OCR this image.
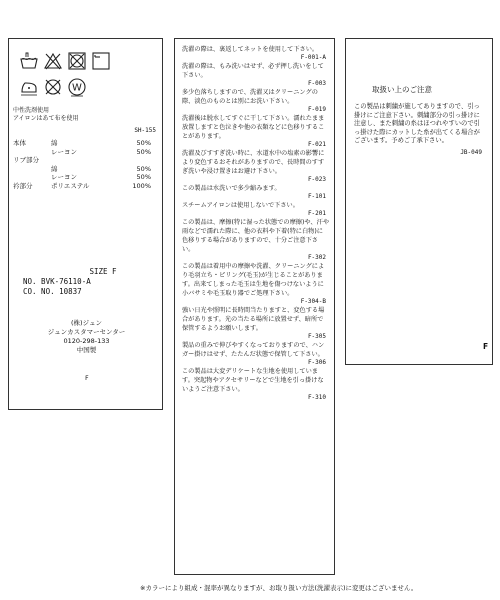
W
中性洗剤使用
アイロンはあて布を使用
SH-155
本体	綿	50%
レーヨン	50%
リブ部分
綿	50%
レーヨン	50%
衿部分	ポリエステル	100%
SIZE F
NO. BVK-76110-A
CO. NO. 10837
(株)ジュン
ジュンカスタマーセンター
0120-298-133
中国製
F

洗濯の際は、裏返してネットを使用して下さい。

F-001-A

洗濯の際は、もみ洗いはせず、必ず押し洗いをして下さい。

F-003

多少色落ちしますので、洗濯又はクリーニングの際、淡色のものとは別にお洗い下さい。

F-019

洗濯後は脱水してすぐに干して下さい。濡れたまま放置しますと色泣きや他の衣類などに色移りすることがあります。

F-021

洗濯及びすすぎ洗い時に、水道水中の塩素の影響により変色するおそれがありますので、長時間のすすぎ洗いや浸け置きはお避け下さい。

F-023

この製品は水洗いで多少縮みます。

F-101

スチームアイロンは使用しないで下さい。

F-201

この製品は、摩擦(特に湿った状態での摩擦)や、汗や雨などで濡れた際に、他の衣料や下着(特に白物)に色移りする場合がありますので、十分ご注意下さい。

F-302

この製品は着用中の摩擦や洗濯、クリーニングにより毛羽立ち・ピリング(毛玉)が生じることがあります。出来てしまった毛玉は生地を傷つけないように小バサミや毛玉取り器でご処理下さい。

F-304-B

強い日光や照明に長時間当たりますと、変色する場合があります。光の当たる場所に放置せず、暗所で保管するようお願いします。

F-305

製品の重みで伸びやすくなっておりますので、ハンガー掛けはせず、たたんだ状態で保管して下さい。

F-306

この製品は大変デリケートな生地を使用しています。突起物やアクセサリーなどで生地を引っ掛けないようご注意下さい。

F-310
取扱い上のご注意
この製品は刺繍が施してありますので、引っ掛けにご注意下さい。刺繍部分の引っ掛けに注意し、また刺繍の糸はほつれやすいので引っ掛けた際にカットした糸が出てくる場合がございます。予めご了承下さい。
JB-049
F
※カラーにより組成・混率が異なりますが、お取り扱い方法(洗濯表示)に変更はございません。
